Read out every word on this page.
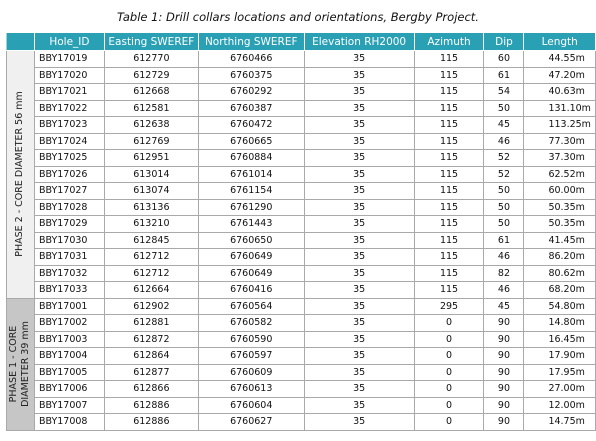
Table 1: Drill collars locations and orientations, Bergby Project.
	Hole_ID	Easting SWEREF	Northing SWEREF	Elevation RH2000	Azimuth	Dip	Length

PHASE 2 - CORE DIAMETER 56 mm	BBY17019	612770	6760466	35	115	60	44.55m
	BBY17020	612729	6760375	35	115	61	47.20m
	BBY17021	612668	6760292	35	115	54	40.63m
	BBY17022	612581	6760387	35	115	50	131.10m
	BBY17023	612638	6760472	35	115	45	113.25m
	BBY17024	612769	6760665	35	115	46	77.30m
	BBY17025	612951	6760884	35	115	52	37.30m
	BBY17026	613014	6761014	35	115	52	62.52m
	BBY17027	613074	6761154	35	115	50	60.00m
	BBY17028	613136	6761290	35	115	50	50.35m
	BBY17029	613210	6761443	35	115	50	50.35m
	BBY17030	612845	6760650	35	115	61	41.45m
	BBY17031	612712	6760649	35	115	46	86.20m
	BBY17032	612712	6760649	35	115	82	80.62m
	BBY17033	612664	6760416	35	115	46	68.20m

PHASE 1 - CORE DIAMETER 39 mm	BBY17001	612902	6760564	35	295	45	54.80m
	BBY17002	612881	6760582	35	0	90	14.80m
	BBY17003	612872	6760590	35	0	90	16.45m
	BBY17004	612864	6760597	35	0	90	17.90m
	BBY17005	612877	6760609	35	0	90	17.95m
	BBY17006	612866	6760613	35	0	90	27.00m
	BBY17007	612886	6760604	35	0	90	12.00m
	BBY17008	612886	6760627	35	0	90	14.75m
